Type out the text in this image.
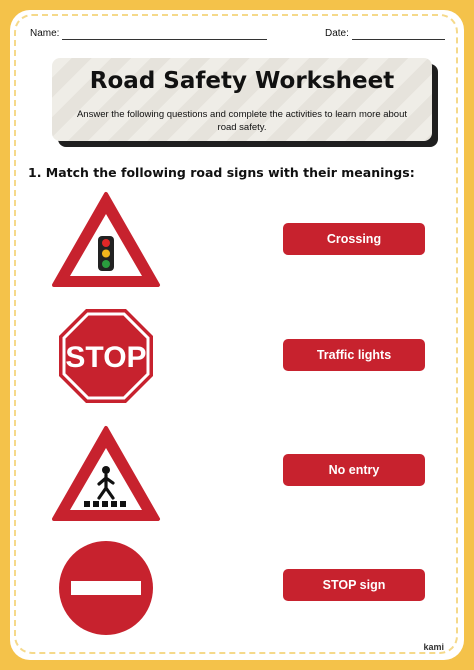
Name:	Date:
Road Safety Worksheet
Answer the following questions and complete the activities to learn more about road safety.
1. Match the following road signs with their meanings:
STOP
Crossing
Traffic lights
No entry
STOP sign
kami
